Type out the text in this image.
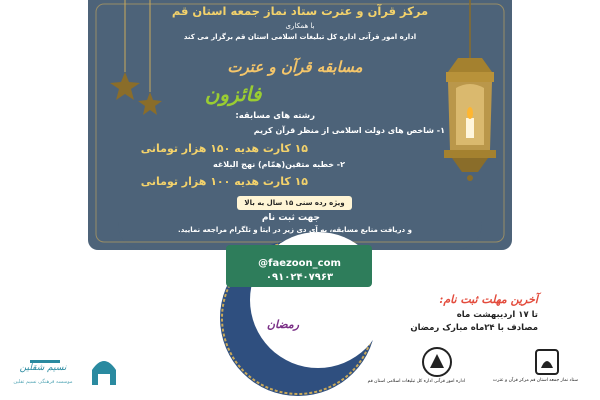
مرکز قرآن و عترت ستاد نماز جمعه استان قم
با همکاری
اداره امور قرآنی اداره کل تبلیغات اسلامی استان قم برگزار می کند
مسابقه قرآن و عترت
فائزون
رشته های مسابقه:
۱- شاخص های دولت اسلامی از منظر قرآن کریم
۱۵ کارت هدیه ۱۵۰ هزار تومانی
۲- خطبه متقین(همّام) نهج البلاغه
۱۵ کارت هدیه ۱۰۰ هزار تومانی
ویژه رده سنی ۱۵ سال به بالا
جهت ثبت نام
و دریافت منابع مسابقه، به آی دی زیر در ایتا و تلگرام مراجعه نمایید.
@faezoon_com
۰۹۱۰۲۴۰۷۹۶۳
رمضان
آخرین مهلت ثبت نام:
تا ۱۷ اردیبهشت ماه
مصادف با ۲۴ماه مبارک رمضان
اداره امور قرآنی اداره کل تبلیغات اسلامی استان قم	ستاد نماز جمعه استان قم مرکز قرآن و عترت
نسیم شقلین
موسسه فرهنگی نسیم ثقلین
